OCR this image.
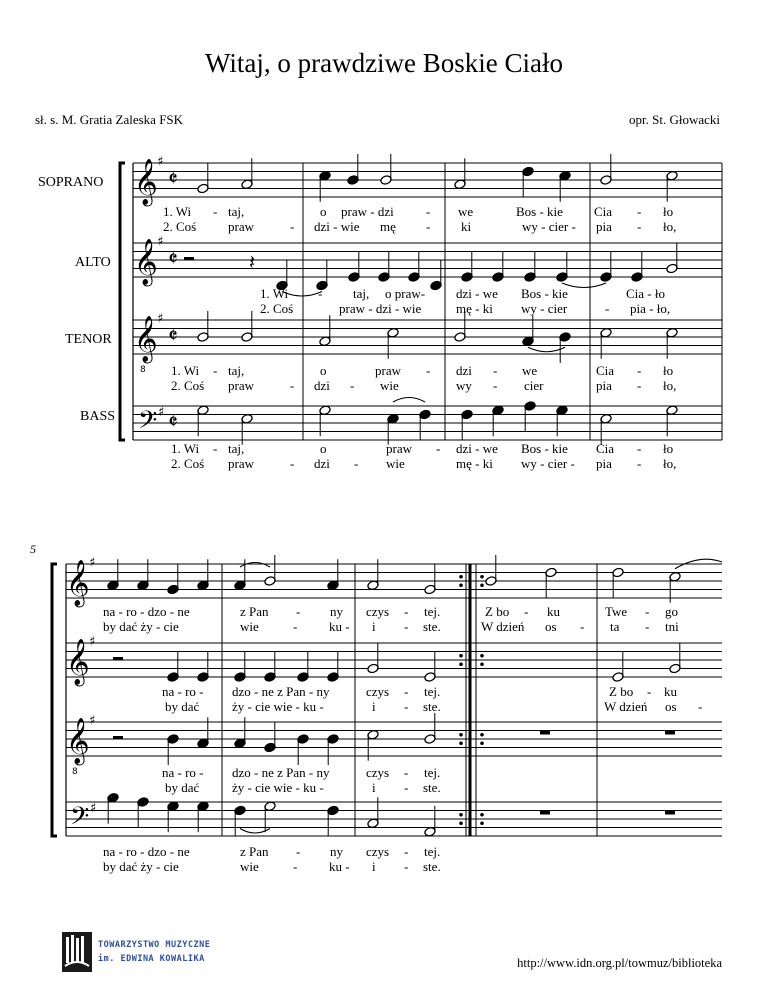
Witaj, o prawdziwe Boskie Ciało
sł. s. M. Gratia Zaleska FSK	opr. St. Głowacki
SOPRANO
ALTO
TENOR
BASS
5
𝄞 ♯
𝄵
𝄞 ♯
𝄵
𝄞 ♯
8
𝄵
𝄢 ♯ 𝄵
𝄽
𝄞 ♯
𝄞 ♯
𝄞 ♯
8
𝄢 ♯
1. Wi - taj,	o praw - dzi - we	Bos - kie Cia - ło
2. Coś praw	- dzi - wie mę - ki	wy - cier - pia - ło,
1. Wi - taj, o praw- dzi - we Bos - kie	Cia - ło
2. Coś	praw - dzi - wie	mę - ki wy - cier	- pia - ło,
1. Wi - taj,	o	praw - dzi - we	Cia - ło
2. Coś praw	- dzi - wie	wy - cier	pia - ło,
1. Wi - taj,	o	praw - dzi - we Bos - kie Cia - ło
2. Coś praw	- dzi - wie	mę - ki wy - cier - pia - ło,
na - ro - dzo - ne	z Pan - ny czys - tej.	Z bo - ku	Twe - go
by dać ży - cie	wie	- ku - i - ste.	W dzień os - ta - tni
na - ro - dzo - ne z Pan - ny	czys - tej.	Z bo - ku
by dać	ży - cie wie - ku -	i - ste.	W dzień os -
na - ro - dzo - ne z Pan - ny	czys - tej.
by dać	ży - cie wie - ku -	i - ste.
na - ro - dzo - ne	z Pan - ny czys - tej.
by dać ży - cie	wie	- ku - i - ste.
TOWARZYSTWO MUZYCZNE
im. EDWINA KOWALIKA	http://www.idn.org.pl/towmuz/biblioteka
